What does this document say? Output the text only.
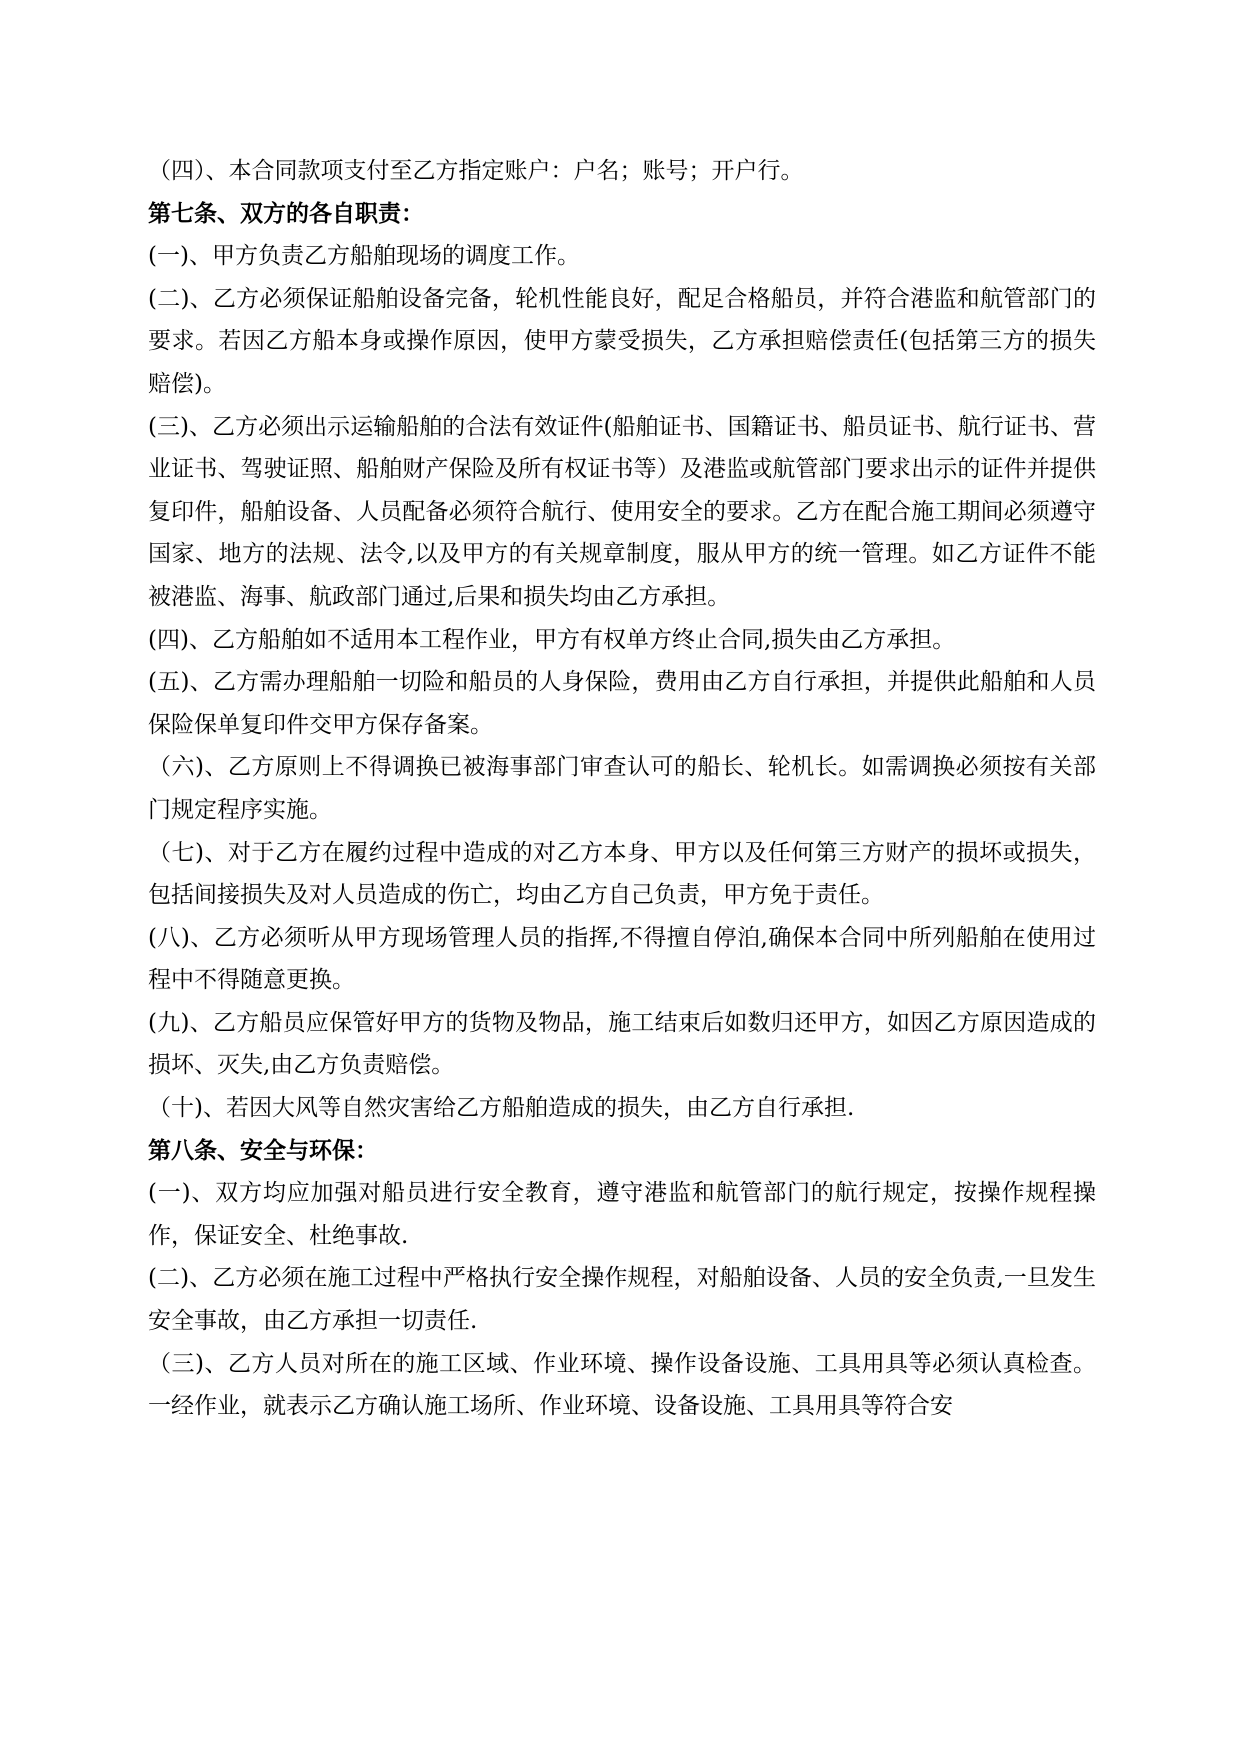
（四）、本合同款项支付至乙方指定账户：户名；账号；开户行。

第七条、双方的各自职责：

(一)、甲方负责乙方船舶现场的调度工作。

(二)、乙方必须保证船舶设备完备，轮机性能良好，配足合格船员，并符合港监和航管部门的要求。若因乙方船本身或操作原因，使甲方蒙受损失，乙方承担赔偿责任(包括第三方的损失赔偿)。

(三)、乙方必须出示运输船舶的合法有效证件(船舶证书、国籍证书、船员证书、航行证书、营业证书、驾驶证照、船舶财产保险及所有权证书等）及港监或航管部门要求出示的证件并提供复印件，船舶设备、人员配备必须符合航行、使用安全的要求。乙方在配合施工期间必须遵守国家、地方的法规、法令,以及甲方的有关规章制度，服从甲方的统一管理。如乙方证件不能被港监、海事、航政部门通过,后果和损失均由乙方承担。

(四)、乙方船舶如不适用本工程作业，甲方有权单方终止合同,损失由乙方承担。

(五)、乙方需办理船舶一切险和船员的人身保险，费用由乙方自行承担，并提供此船舶和人员保险保单复印件交甲方保存备案。

（六)、乙方原则上不得调换已被海事部门审查认可的船长、轮机长。如需调换必须按有关部门规定程序实施。

（七)、对于乙方在履约过程中造成的对乙方本身、甲方以及任何第三方财产的损坏或损失，包括间接损失及对人员造成的伤亡，均由乙方自己负责，甲方免于责任。

(八)、乙方必须听从甲方现场管理人员的指挥,不得擅自停泊,确保本合同中所列船舶在使用过程中不得随意更换。

(九)、乙方船员应保管好甲方的货物及物品，施工结束后如数归还甲方，如因乙方原因造成的损坏、灭失,由乙方负责赔偿。

（十)、若因大风等自然灾害给乙方船舶造成的损失，由乙方自行承担.

第八条、安全与环保：

(一)、双方均应加强对船员进行安全教育，遵守港监和航管部门的航行规定，按操作规程操作，保证安全、杜绝事故.

(二)、乙方必须在施工过程中严格执行安全操作规程，对船舶设备、人员的安全负责,一旦发生安全事故，由乙方承担一切责任.

（三)、乙方人员对所在的施工区域、作业环境、操作设备设施、工具用具等必须认真检查。一经作业，就表示乙方确认施工场所、作业环境、设备设施、工具用具等符合安
